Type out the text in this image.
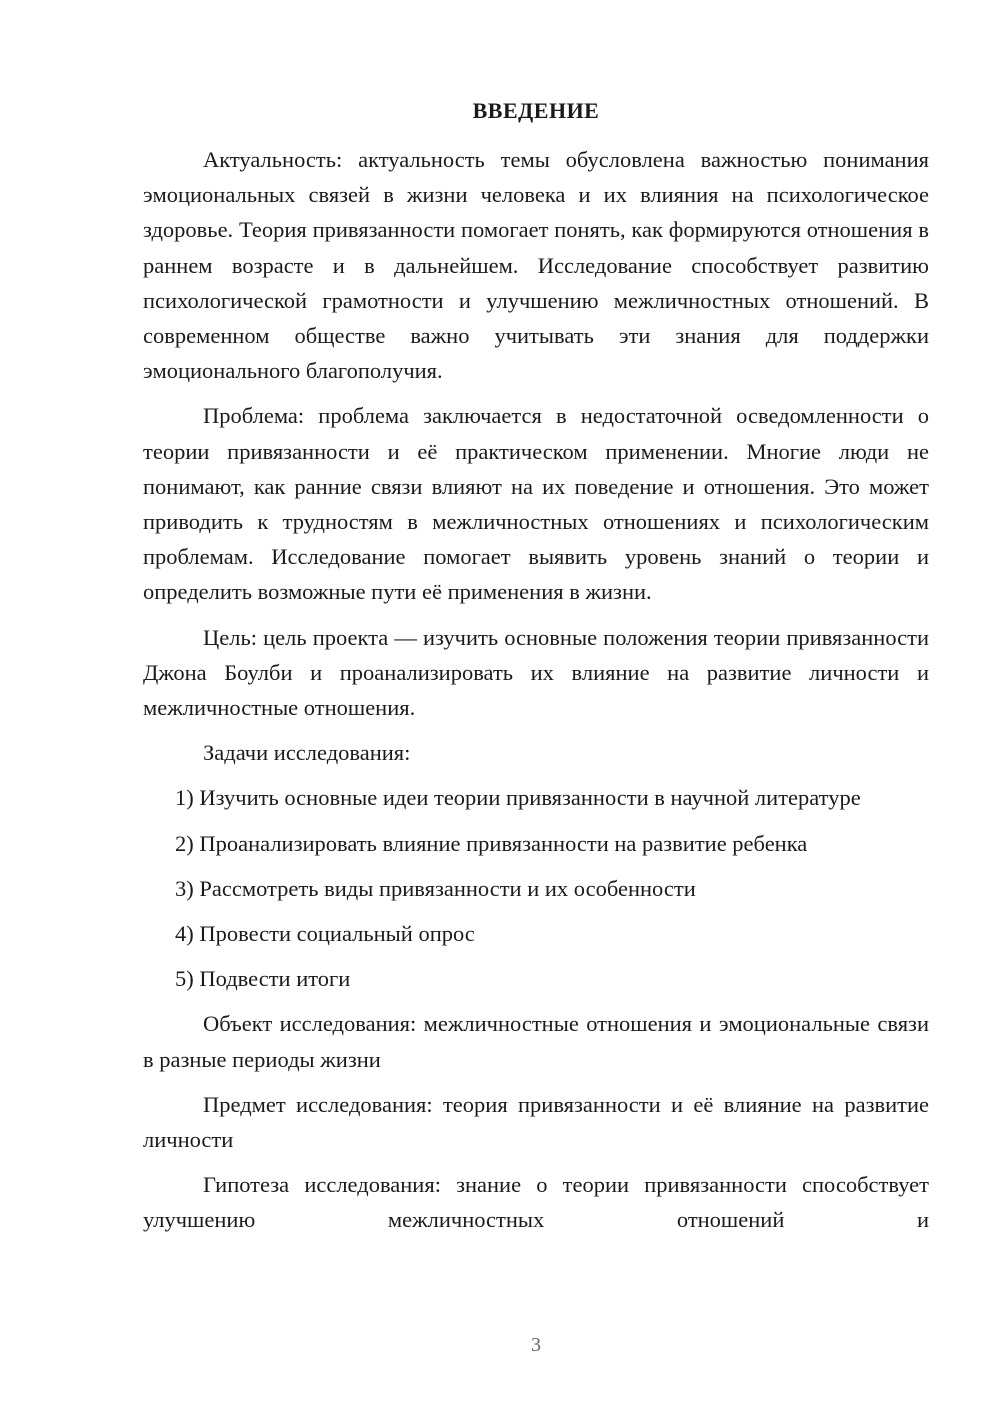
ВВЕДЕНИЕ

Актуальность: актуальность темы обусловлена важностью понимания эмоциональных связей в жизни человека и их влияния на психологическое здоровье. Теория привязанности помогает понять, как формируются отношения в раннем возрасте и в дальнейшем. Исследование способствует развитию психологической грамотности и улучшению межличностных отношений. В современном обществе важно учитывать эти знания для поддержки эмоционального благополучия.

Проблема: проблема заключается в недостаточной осведомленности о теории привязанности и её практическом применении. Многие люди не понимают, как ранние связи влияют на их поведение и отношения. Это может приводить к трудностям в межличностных отношениях и психологическим проблемам. Исследование помогает выявить уровень знаний о теории и определить возможные пути её применения в жизни.

Цель: цель проекта — изучить основные положения теории привязанности Джона Боулби и проанализировать их влияние на развитие личности и межличностные отношения.

Задачи исследования:

1) Изучить основные идеи теории привязанности в научной литературе

2) Проанализировать влияние привязанности на развитие ребенка

3) Рассмотреть виды привязанности и их особенности

4) Провести социальный опрос

5) Подвести итоги

Объект исследования: межличностные отношения и эмоциональные связи в разные периоды жизни

Предмет исследования: теория привязанности и её влияние на развитие личности

Гипотеза исследования: знание о теории привязанности способствует улучшению межличностных отношений и

3
